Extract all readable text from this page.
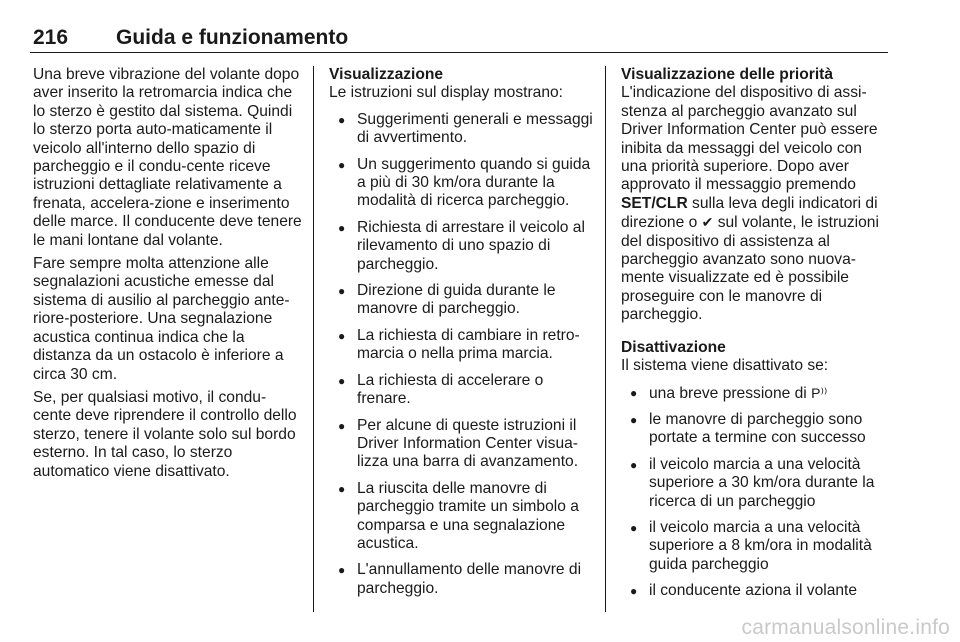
216 Guida e funzionamento

Una breve vibrazione del volante dopo aver inserito la retromarcia indica che lo sterzo è gestito dal sistema. Quindi lo sterzo porta auto-maticamente il veicolo all'interno dello spazio di parcheggio e il condu-cente riceve istruzioni dettagliate relativamente a frenata, accelera-zione e inserimento delle marce. Il conducente deve tenere le mani lontane dal volante.

Fare sempre molta attenzione alle segnalazioni acustiche emesse dal sistema di ausilio al parcheggio ante-riore-posteriore. Una segnalazione acustica continua indica che la distanza da un ostacolo è inferiore a circa 30 cm.

Se, per qualsiasi motivo, il condu-cente deve riprendere il controllo dello sterzo, tenere il volante solo sul bordo esterno. In tal caso, lo sterzo automatico viene disattivato.

Visualizzazione
Le istruzioni sul display mostrano:
● Suggerimenti generali e messaggi di avvertimento.
● Un suggerimento quando si guida a più di 30 km/ora durante la modalità di ricerca parcheggio.
● Richiesta di arrestare il veicolo al rilevamento di uno spazio di parcheggio.
● Direzione di guida durante le manovre di parcheggio.
● La richiesta di cambiare in retro-marcia o nella prima marcia.
● La richiesta di accelerare o frenare.
● Per alcune di queste istruzioni il Driver Information Center visua-lizza una barra di avanzamento.
● La riuscita delle manovre di parcheggio tramite un simbolo a comparsa e una segnalazione acustica.
● L'annullamento delle manovre di parcheggio.
Visualizzazione delle priorità

L'indicazione del dispositivo di assi-stenza al parcheggio avanzato sul Driver Information Center può essere inibita da messaggi del veicolo con una priorità superiore. Dopo aver approvato il messaggio premendo SET/CLR sulla leva degli indicatori di direzione o ✔ sul volante, le istruzioni del dispositivo di assistenza al parcheggio avanzato sono nuova-mente visualizzate ed è possibile proseguire con le manovre di parcheggio.

Disattivazione
Il sistema viene disattivato se:
● una breve pressione di P⁾⁾
● le manovre di parcheggio sono portate a termine con successo
● il veicolo marcia a una velocità superiore a 30 km/ora durante la ricerca di un parcheggio
● il veicolo marcia a una velocità superiore a 8 km/ora in modalità guida parcheggio
● il conducente aziona il volante
carmanualsonline.info
